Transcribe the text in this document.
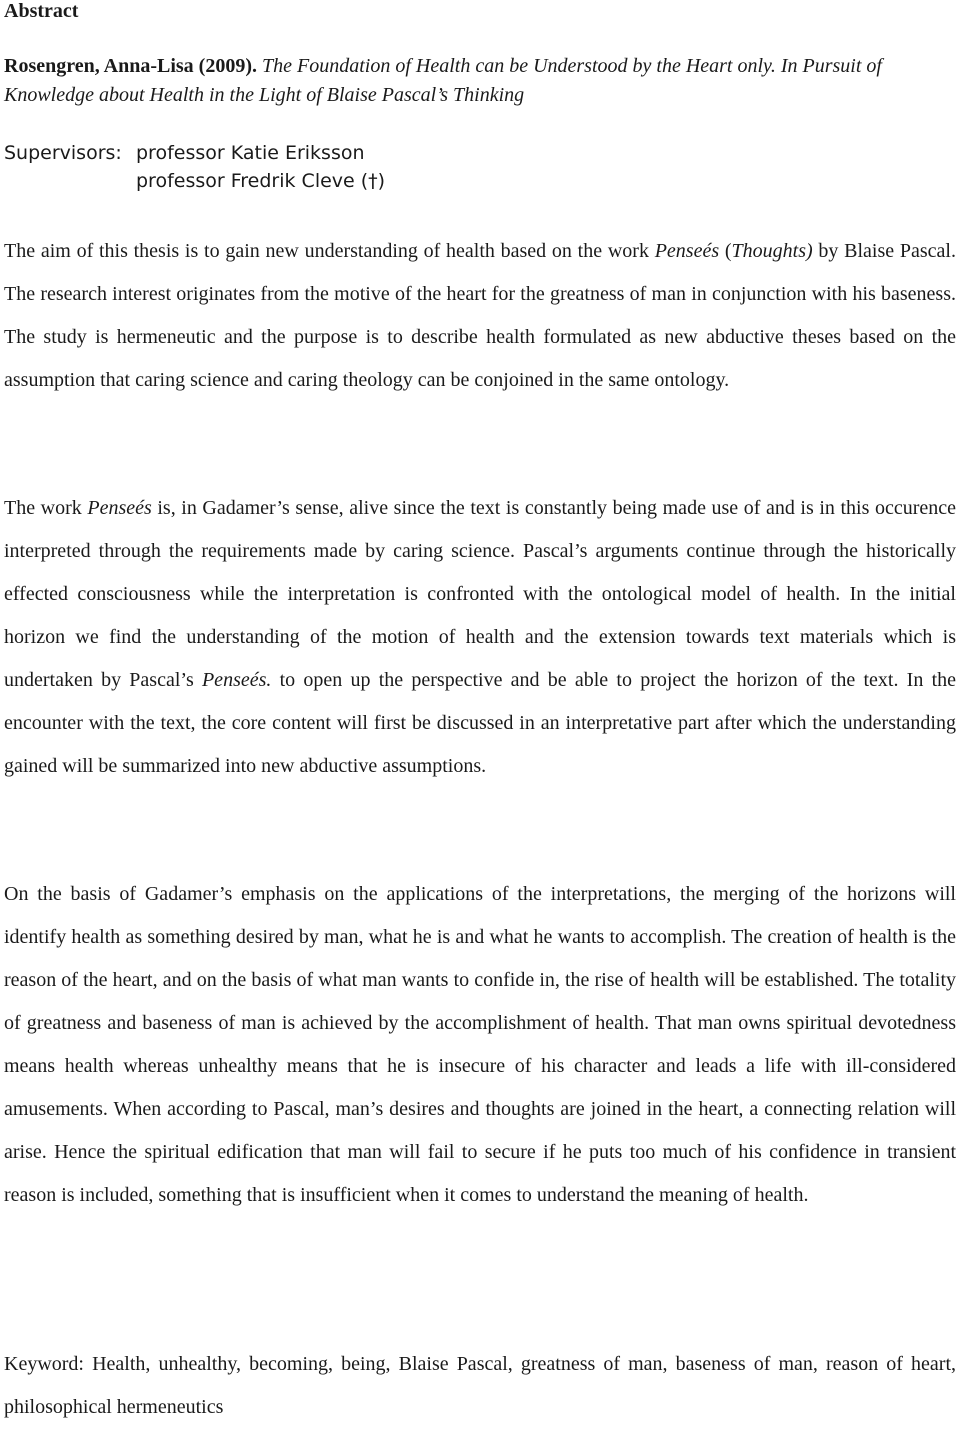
Abstract
Rosengren, Anna-Lisa (2009). The Foundation of Health can be Understood by the Heart only. In Pursuit of Knowledge about Health in the Light of Blaise Pascal’s Thinking
Supervisors: professor Katie Eriksson
professor Fredrik Cleve (†)

The aim of this thesis is to gain new understanding of health based on the work Penseés (Thoughts) by Blaise Pascal. The research interest originates from the motive of the heart for the greatness of man in conjunction with his baseness. The study is hermeneutic and the purpose is to describe health formulated as new abductive theses based on the assumption that caring science and caring theology can be conjoined in the same ontology.

The work Penseés is, in Gadamer’s sense, alive since the text is constantly being made use of and is in this occurence interpreted through the requirements made by caring science. Pascal’s arguments continue through the historically effected consciousness while the interpretation is confronted with the ontological model of health. In the initial horizon we find the understanding of the motion of health and the extension towards text materials which is undertaken by Pascal’s Penseés. to open up the perspective and be able to project the horizon of the text. In the encounter with the text, the core content will first be discussed in an interpretative part after which the understanding gained will be summarized into new abductive assumptions.

On the basis of Gadamer’s emphasis on the applications of the interpretations, the merging of the horizons will identify health as something desired by man, what he is and what he wants to accomplish. The creation of health is the reason of the heart, and on the basis of what man wants to confide in, the rise of health will be established. The totality of greatness and baseness of man is achieved by the accomplishment of health. That man owns spiritual devotedness means health whereas unhealthy means that he is insecure of his character and leads a life with ill-considered amusements. When according to Pascal, man’s desires and thoughts are joined in the heart, a connecting relation will arise. Hence the spiritual edification that man will fail to secure if he puts too much of his confidence in transient reason is included, something that is insufficient when it comes to understand the meaning of health.

Keyword: Health, unhealthy, becoming, being, Blaise Pascal, greatness of man, baseness of man, reason of heart, philosophical hermeneutics
